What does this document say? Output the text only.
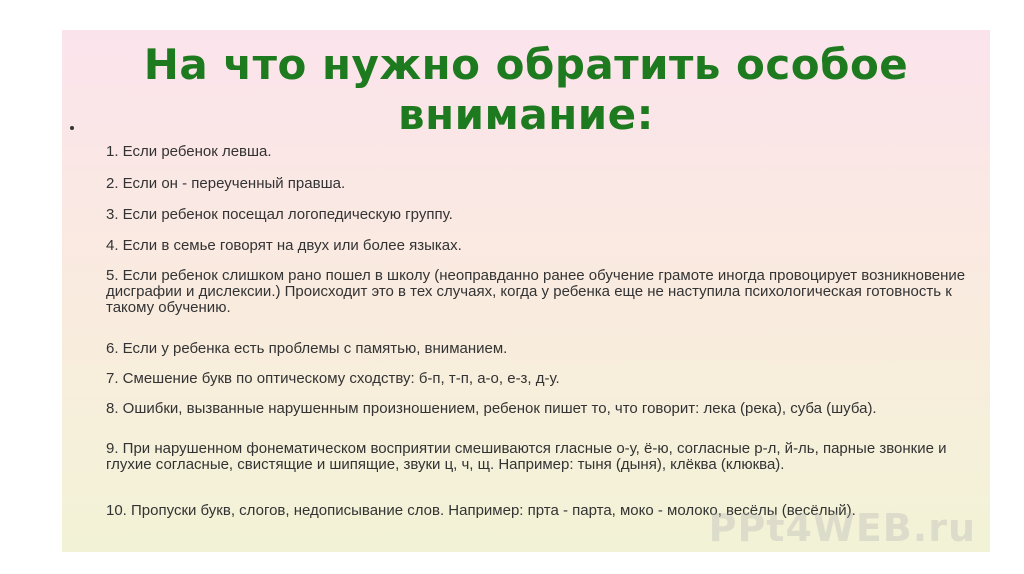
На что нужно обратить особое
внимание:
1. Если ребенок левша.
2. Если он - переученный правша.
3. Если ребенок посещал логопедическую группу.
4. Если в семье говорят на двух или более языках.
5. Если ребенок слишком рано пошел в школу (неоправданно ранее обучение грамоте иногда провоцирует возникновение дисграфии и дислексии.) Происходит это в тех случаях, когда у ребенка еще не наступила психологическая готовность к такому обучению.
6. Если у ребенка есть проблемы с памятью, вниманием.
7. Смешение букв по оптическому сходству: б-п, т-п, а-о, е-з, д-у.
8. Ошибки, вызванные нарушенным произношением, ребенок пишет то, что говорит: лека (река), суба (шуба).
9. При нарушенном фонематическом восприятии смешиваются гласные о-у, ё-ю, согласные р-л, й-ль, парные звонкие и глухие согласные, свистящие и шипящие, звуки ц, ч, щ. Например: тыня (дыня), клёква (клюква).
10. Пропуски букв, слогов, недописывание слов. Например: прта - парта, моко - молоко, весёлы (весёлый).
PPt4WEB.ru
